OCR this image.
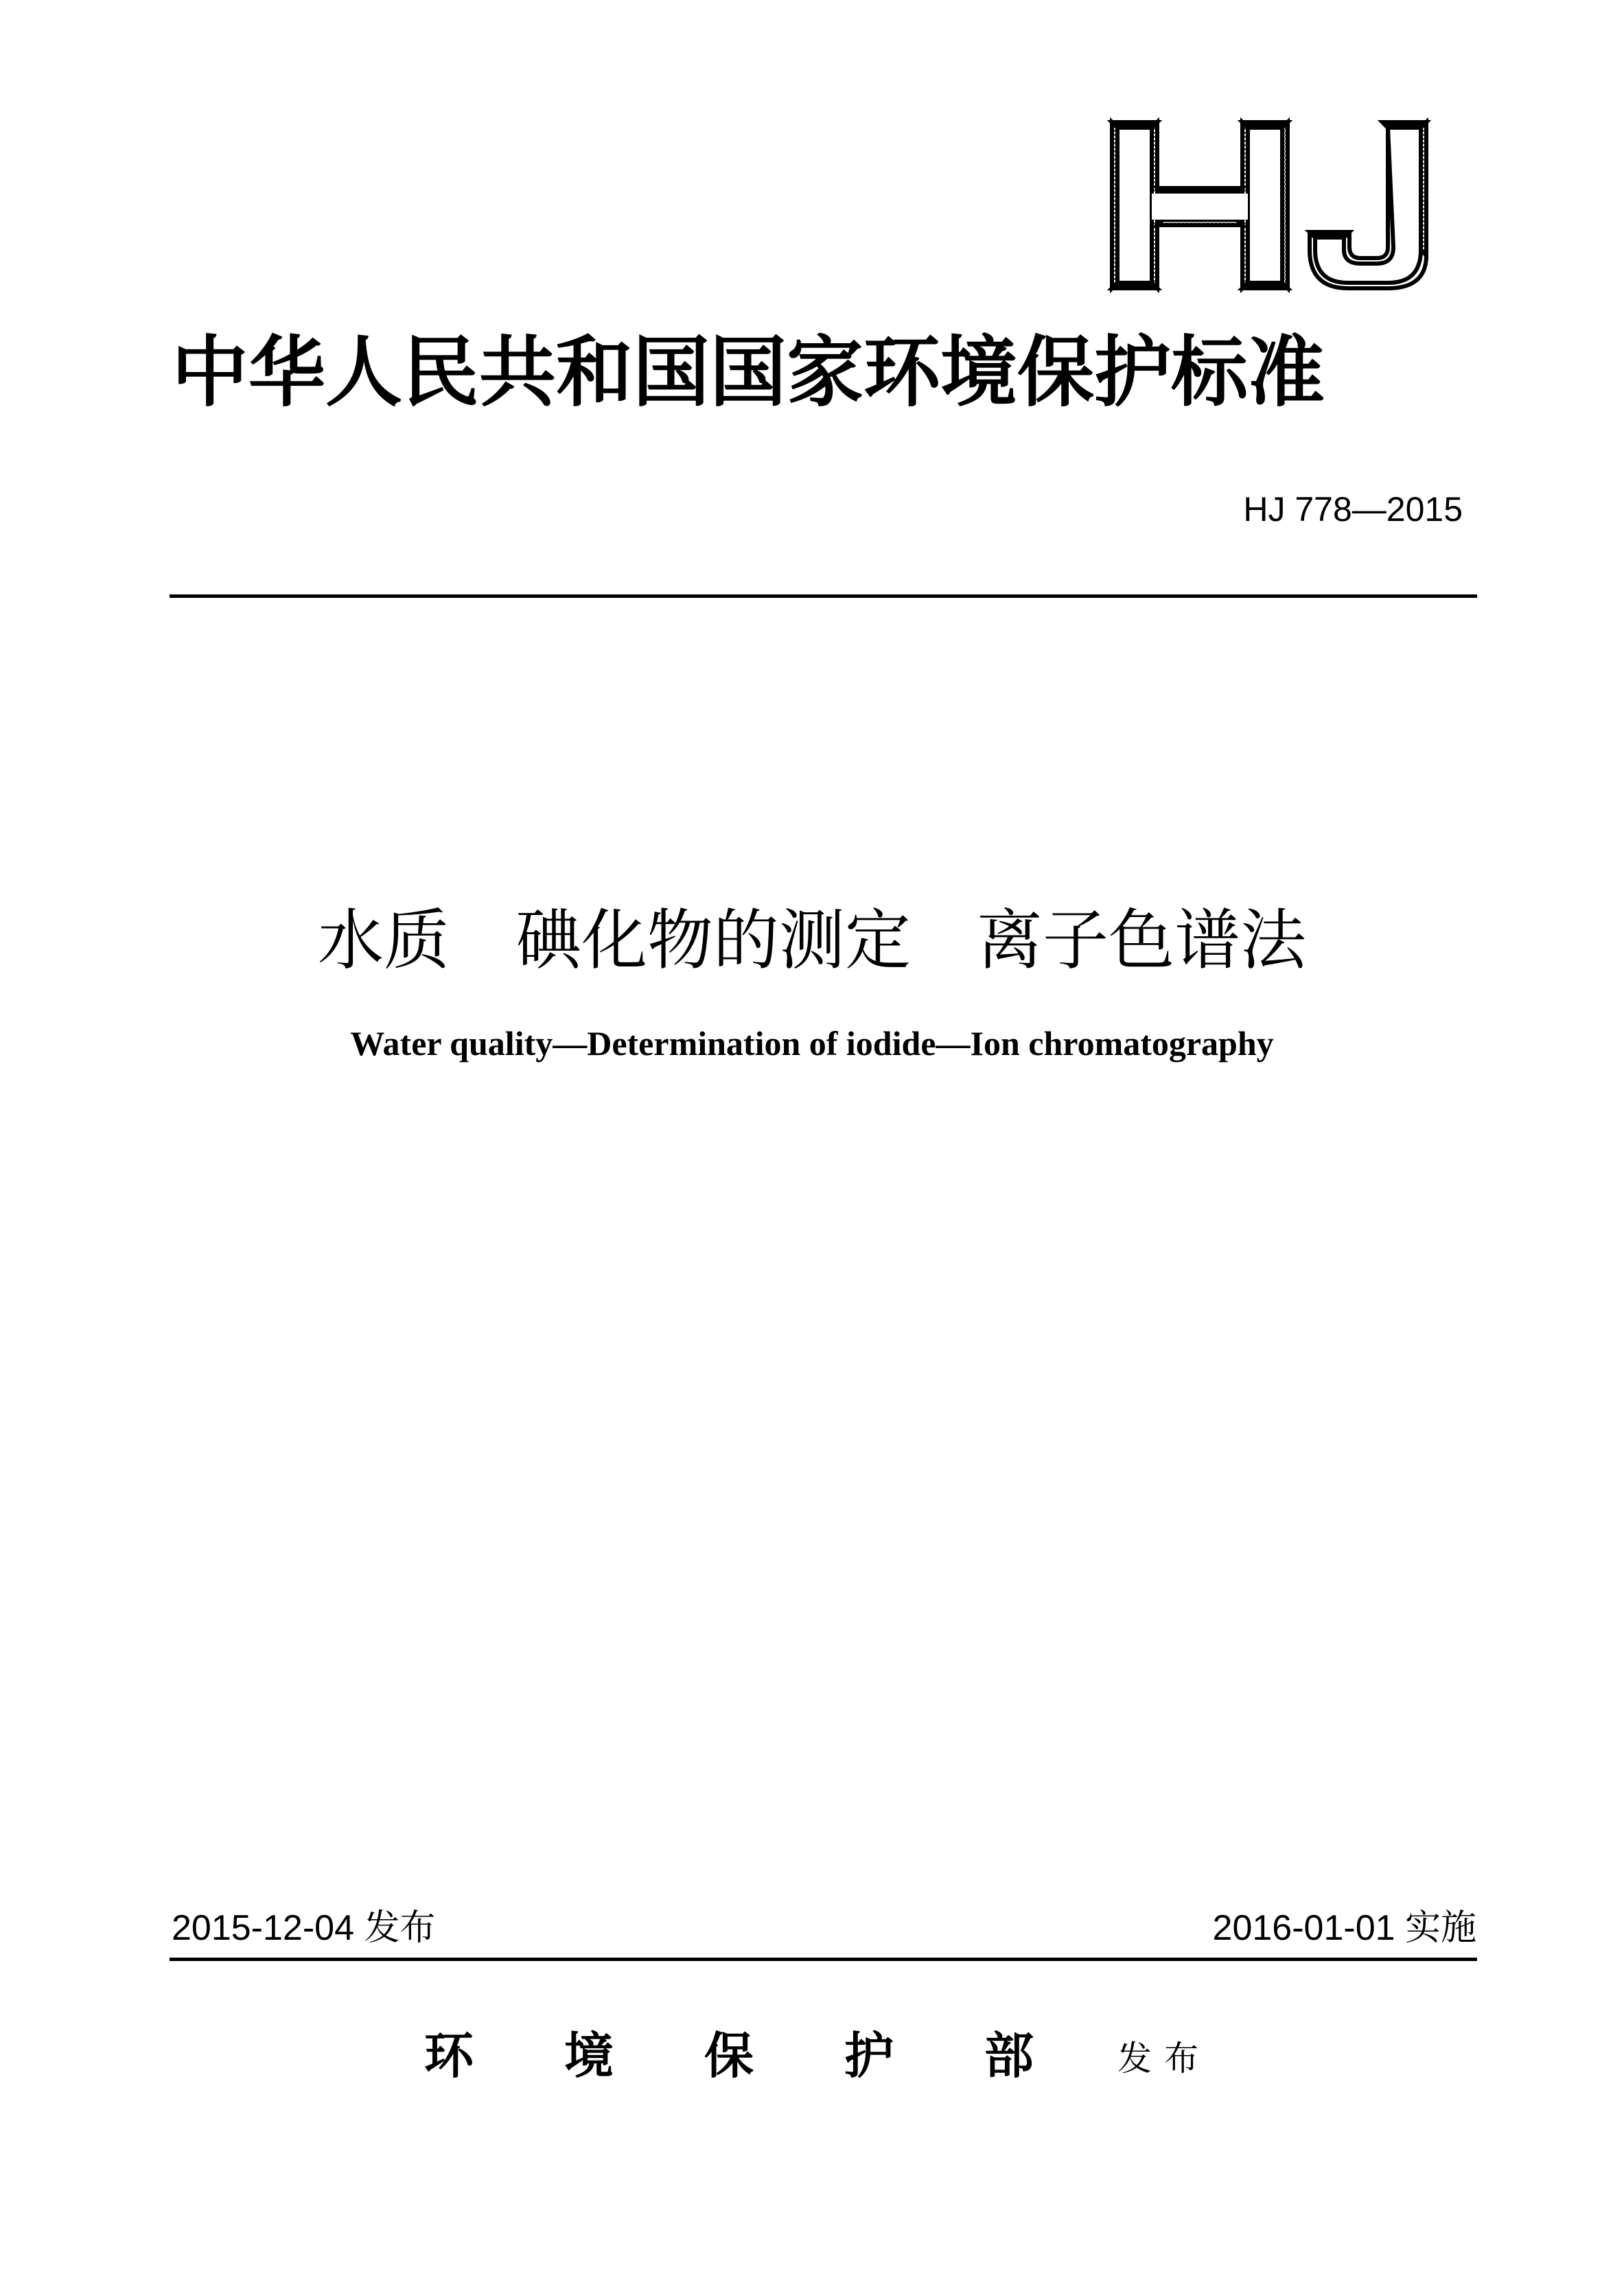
中华人民共和国国家环境保护标准
HJ 778—2015
水质　碘化物的测定　离子色谱法
Water quality—Determination of iodide—Ion chromatography
2015-12-04 发布	2016-01-01 实施
环境保护部
发布
